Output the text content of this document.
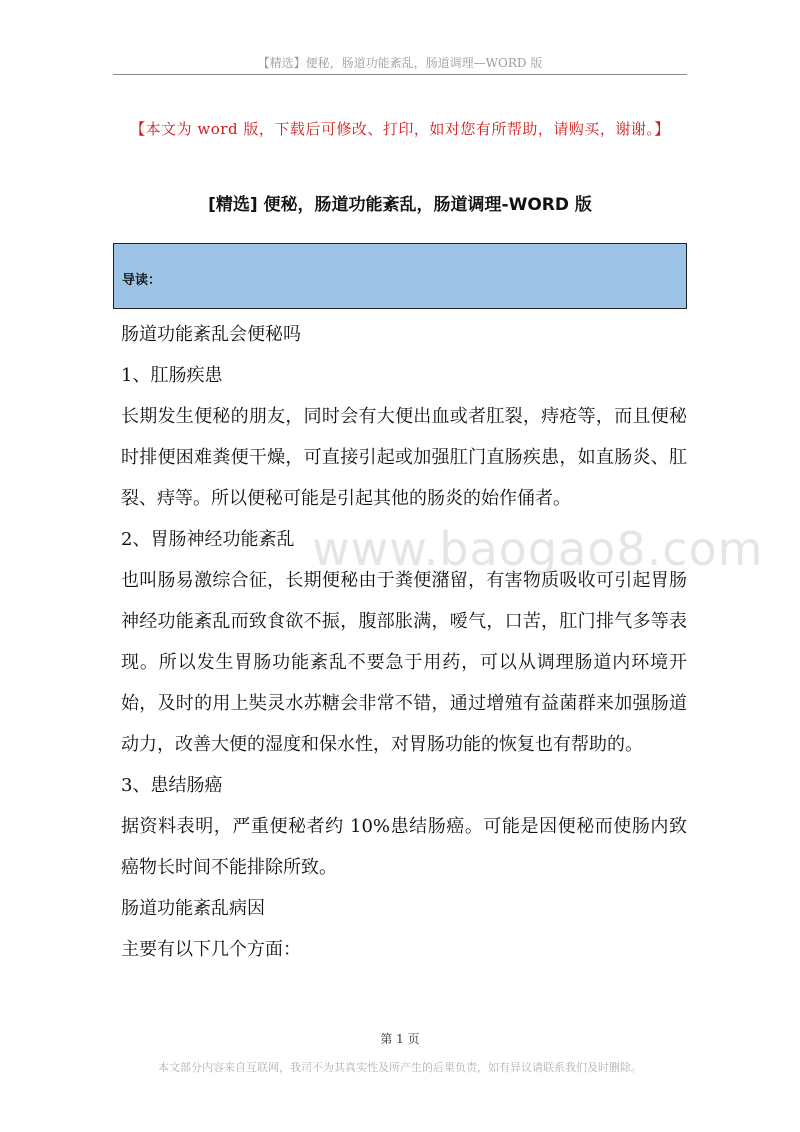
【精选】便秘，肠道功能紊乱，肠道调理—WORD 版
【本文为 word 版，下载后可修改、打印，如对您有所帮助，请购买，谢谢。】
[精选] 便秘，肠道功能紊乱，肠道调理-WORD 版
导读：

肠道功能紊乱会便秘吗

1、肛肠疾患

长期发生便秘的朋友，同时会有大便出血或者肛裂，痔疮等，而且便秘时排便困难粪便干燥，可直接引起或加强肛门直肠疾患，如直肠炎、肛裂、痔等。所以便秘可能是引起其他的肠炎的始作俑者。

2、胃肠神经功能紊乱

也叫肠易激综合征，长期便秘由于粪便潴留，有害物质吸收可引起胃肠神经功能紊乱而致食欲不振，腹部胀满，嗳气，口苦，肛门排气多等表现。所以发生胃肠功能紊乱不要急于用药，可以从调理肠道内环境开始，及时的用上奘灵水苏糖会非常不错，通过增殖有益菌群来加强肠道动力，改善大便的湿度和保水性，对胃肠功能的恢复也有帮助的。

3、患结肠癌

据资料表明，严重便秘者约 10%患结肠癌。可能是因便秘而使肠内致癌物长时间不能排除所致。

肠道功能紊乱病因

主要有以下几个方面：

www.baogao8.com
第 1 页
本文部分内容来自互联网，我司不为其真实性及所产生的后果负责，如有异议请联系我们及时删除。
